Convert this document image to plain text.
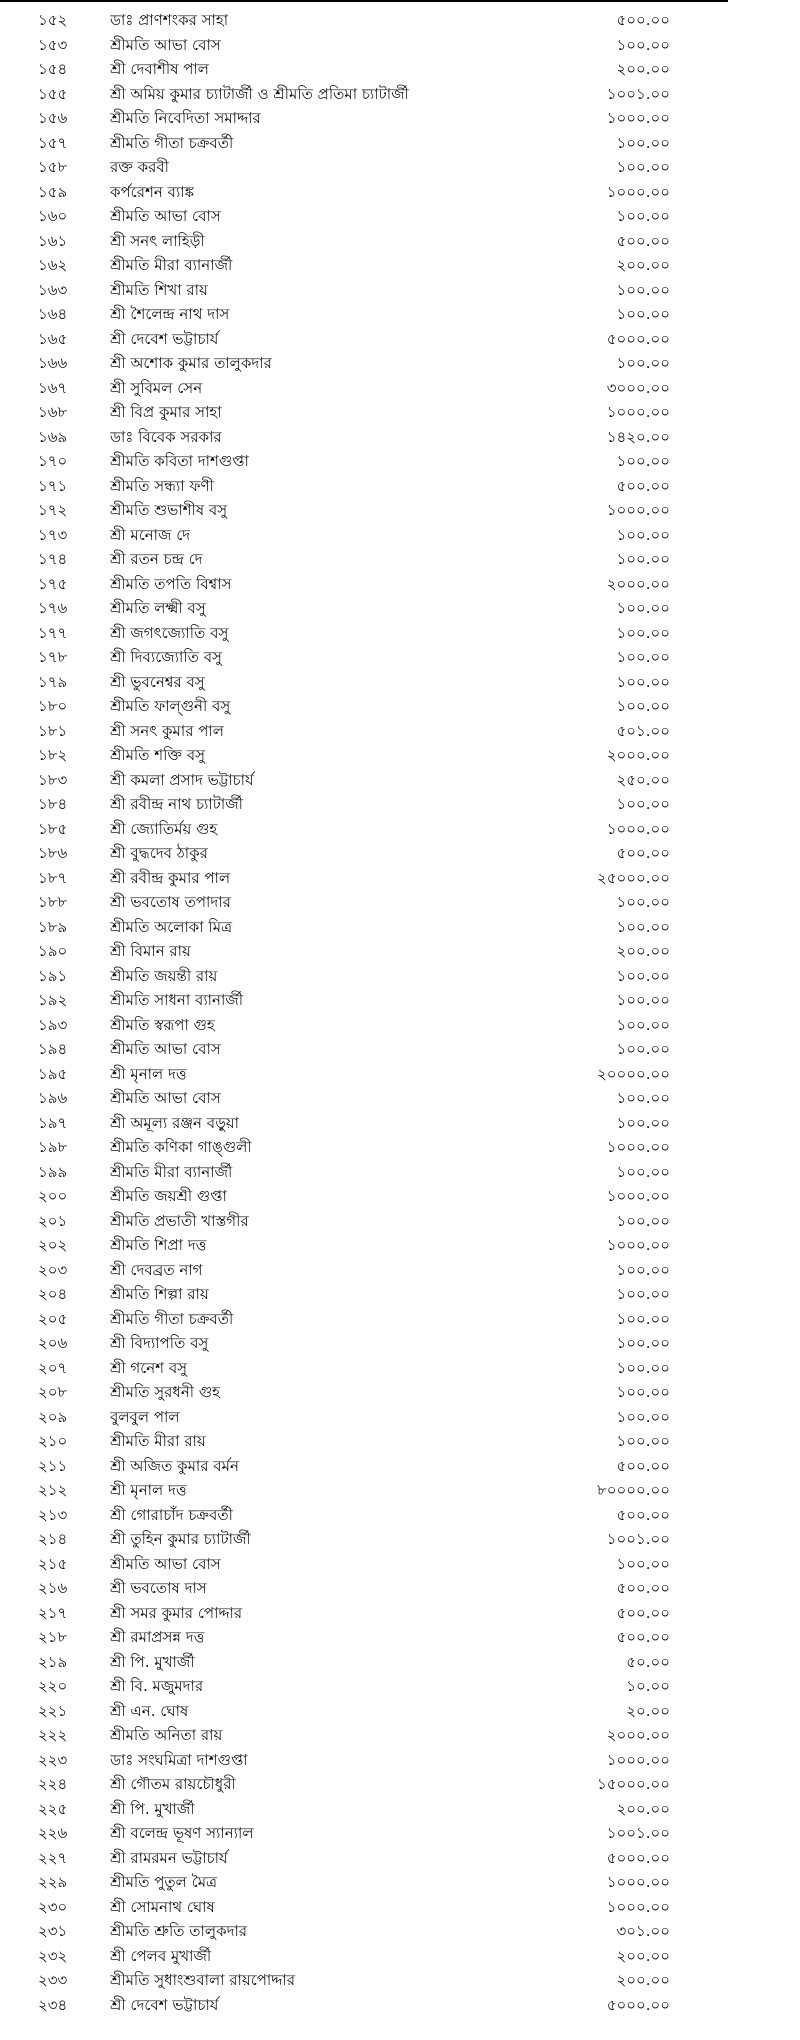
১৫২	ডাঃ প্রাণশংকর সাহা	৫০০.০০
১৫৩	শ্রীমতি আভা বোস	১০০.০০
১৫৪	শ্রী দেবাশীষ পাল	২০০.০০
১৫৫	শ্রী অমিয় কুমার চ্যাটার্জী ও শ্রীমতি প্রতিমা চ্যাটার্জী	১০০১.০০
১৫৬	শ্রীমতি নিবেদিতা সমাদ্দার	১০০০.০০
১৫৭	শ্রীমতি গীতা চক্রবর্তী	১০০.০০
১৫৮	রক্ত করবী	১০০.০০
১৫৯	কর্পরেশন ব্যাঙ্ক	১০০০.০০
১৬০	শ্রীমতি আভা বোস	১০০.০০
১৬১	শ্রী সনৎ লাহিড়ী	৫০০.০০
১৬২	শ্রীমতি মীরা ব্যানার্জী	২০০.০০
১৬৩	শ্রীমতি শিখা রায়	১০০.০০
১৬৪	শ্রী শৈলেন্দ্র নাথ দাস	১০০.০০
১৬৫	শ্রী দেবেশ ভট্টাচার্য	৫০০০.০০
১৬৬	শ্রী অশোক কুমার তালুকদার	১০০.০০
১৬৭	শ্রী সুবিমল সেন	৩০০০.০০
১৬৮	শ্রী বিপ্র কুমার সাহা	১০০০.০০
১৬৯	ডাঃ বিবেক সরকার	১৪২০.০০
১৭০	শ্রীমতি কবিতা দাশগুপ্তা	১০০.০০
১৭১	শ্রীমতি সন্ধ্যা ফণী	৫০০.০০
১৭২	শ্রীমতি শুভাশীষ বসু	১০০০.০০
১৭৩	শ্রী মনোজ দে	১০০.০০
১৭৪	শ্রী রতন চন্দ্র দে	১০০.০০
১৭৫	শ্রীমতি তপতি বিশ্বাস	২০০০.০০
১৭৬	শ্রীমতি লক্ষ্মী বসু	১০০.০০
১৭৭	শ্রী জগৎজ্যোতি বসু	১০০.০০
১৭৮	শ্রী দিব্যজ্যোতি বসু	১০০.০০
১৭৯	শ্রী ভুবনেশ্বর বসু	১০০.০০
১৮০	শ্রীমতি ফাল্গুনী বসু	১০০.০০
১৮১	শ্রী সনৎ কুমার পাল	৫০১.০০
১৮২	শ্রীমতি শক্তি বসু	২০০০.০০
১৮৩	শ্রী কমলা প্রসাদ ভট্টাচার্য	২৫০.০০
১৮৪	শ্রী রবীন্দ্র নাথ চ্যাটার্জী	১০০.০০
১৮৫	শ্রী জ্যোতির্ময় গুহ	১০০০.০০
১৮৬	শ্রী বুদ্ধদেব ঠাকুর	৫০০.০০
১৮৭	শ্রী রবীন্দ্র কুমার পাল	২৫০০০.০০
১৮৮	শ্রী ভবতোষ তপাদার	১০০.০০
১৮৯	শ্রীমতি অলোকা মিত্র	১০০.০০
১৯০	শ্রী বিমান রায়	২০০.০০
১৯১	শ্রীমতি জয়ন্তী রায়	১০০.০০
১৯২	শ্রীমতি সাধনা ব্যানার্জী	১০০.০০
১৯৩	শ্রীমতি স্বরূপা গুহ	১০০.০০
১৯৪	শ্রীমতি আভা বোস	১০০.০০
১৯৫	শ্রী মৃনাল দত্ত	২০০০০.০০
১৯৬	শ্রীমতি আভা বোস	১০০.০০
১৯৭	শ্রী অমূল্য রঞ্জন বড়ুয়া	১০০.০০
১৯৮	শ্রীমতি কণিকা গাঙ্গুলী	১০০০.০০
১৯৯	শ্রীমতি মীরা ব্যানার্জী	১০০.০০
২০০	শ্রীমতি জয়শ্রী গুপ্তা	১০০০.০০
২০১	শ্রীমতি প্রভাতী খাস্তগীর	১০০.০০
২০২	শ্রীমতি শিপ্রা দত্ত	১০০০.০০
২০৩	শ্রী দেবব্রত নাগ	১০০.০০
২০৪	শ্রীমতি শিল্পা রায়	১০০.০০
২০৫	শ্রীমতি গীতা চক্রবর্তী	১০০.০০
২০৬	শ্রী বিদ্যাপতি বসু	১০০.০০
২০৭	শ্রী গনেশ বসু	১০০.০০
২০৮	শ্রীমতি সুরধনী গুহ	১০০.০০
২০৯	বুলবুল পাল	১০০.০০
২১০	শ্রীমতি মীরা রায়	১০০.০০
২১১	শ্রী অজিত কুমার বর্মন	৫০০.০০
২১২	শ্রী মৃনাল দত্ত	৮০০০০.০০
২১৩	শ্রী গোরাচাঁদ চক্রবর্তী	৫০০.০০
২১৪	শ্রী তুহিন কুমার চ্যাটার্জী	১০০১.০০
২১৫	শ্রীমতি আভা বোস	১০০.০০
২১৬	শ্রী ভবতোষ দাস	৫০০.০০
২১৭	শ্রী সমর কুমার পোদ্দার	৫০০.০০
২১৮	শ্রী রমাপ্রসন্ন দত্ত	৫০০.০০
২১৯	শ্রী পি. মুখার্জী	৫০.০০
২২০	শ্রী বি. মজুমদার	১০.০০
২২১	শ্রী এন. ঘোষ	২০.০০
২২২	শ্রীমতি অনিতা রায়	২০০০.০০
২২৩	ডাঃ সংঘমিত্রা দাশগুপ্তা	১০০০.০০
২২৪	শ্রী গৌতম রায়চৌধুরী	১৫০০০.০০
২২৫	শ্রী পি. মুখার্জী	২০০.০০
২২৬	শ্রী বলেন্দ্র ভূষণ স্যান্যাল	১০০১.০০
২২৭	শ্রী রামরমন ভট্টাচার্য	৫০০০.০০
২২৯	শ্রীমতি পুতুল মৈত্র	১০০০.০০
২৩০	শ্রী সোমনাথ ঘোষ	১০০০.০০
২৩১	শ্রীমতি শ্রুতি তালুকদার	৩০১.০০
২৩২	শ্রী পেলব মুখার্জী	২০০.০০
২৩৩	শ্রীমতি সুধাংশুবালা রায়পোদ্দার	২০০.০০
২৩৪	শ্রী দেবেশ ভট্টাচার্য	৫০০০.০০
